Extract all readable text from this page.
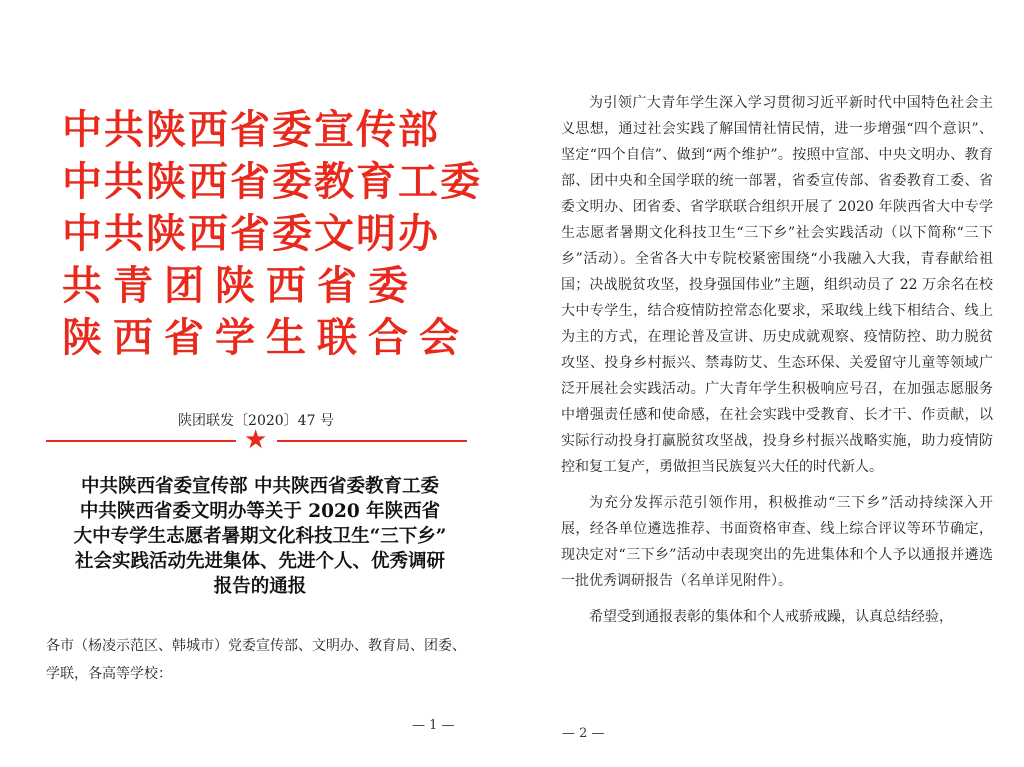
中共陕西省委宣传部
中共陕西省委教育工委
中共陕西省委文明办
共青团陕西省委
陕西省学生联合会
陕团联发〔2020〕47 号
★
中共陕西省委宣传部 中共陕西省委教育工委
中共陕西省委文明办等关于 2020 年陕西省
大中专学生志愿者暑期文化科技卫生“三下乡”
社会实践活动先进集体、先进个人、优秀调研
报告的通报
各市（杨凌示范区、韩城市）党委宣传部、文明办、教育局、团委、学联，各高等学校：
— 1 —

为引领广大青年学生深入学习贯彻习近平新时代中国特色社会主义思想，通过社会实践了解国情社情民情，进一步增强“四个意识”、坚定“四个自信”、做到“两个维护”。按照中宣部、中央文明办、教育部、团中央和全国学联的统一部署，省委宣传部、省委教育工委、省委文明办、团省委、省学联联合组织开展了 2020 年陕西省大中专学生志愿者暑期文化科技卫生“三下乡”社会实践活动（以下简称“三下乡”活动）。全省各大中专院校紧密围绕“小我融入大我，青春献给祖国；决战脱贫攻坚，投身强国伟业”主题，组织动员了 22 万余名在校大中专学生，结合疫情防控常态化要求，采取线上线下相结合、线上为主的方式，在理论普及宣讲、历史成就观察、疫情防控、助力脱贫攻坚、投身乡村振兴、禁毒防艾、生态环保、关爱留守儿童等领域广泛开展社会实践活动。广大青年学生积极响应号召，在加强志愿服务中增强责任感和使命感，在社会实践中受教育、长才干、作贡献，以实际行动投身打赢脱贫攻坚战，投身乡村振兴战略实施，助力疫情防控和复工复产，勇做担当民族复兴大任的时代新人。

为充分发挥示范引领作用，积极推动“三下乡”活动持续深入开展，经各单位遴选推荐、书面资格审查、线上综合评议等环节确定，现决定对“三下乡”活动中表现突出的先进集体和个人予以通报并遴选一批优秀调研报告（名单详见附件）。

希望受到通报表彰的集体和个人戒骄戒躁，认真总结经验，

— 2 —
